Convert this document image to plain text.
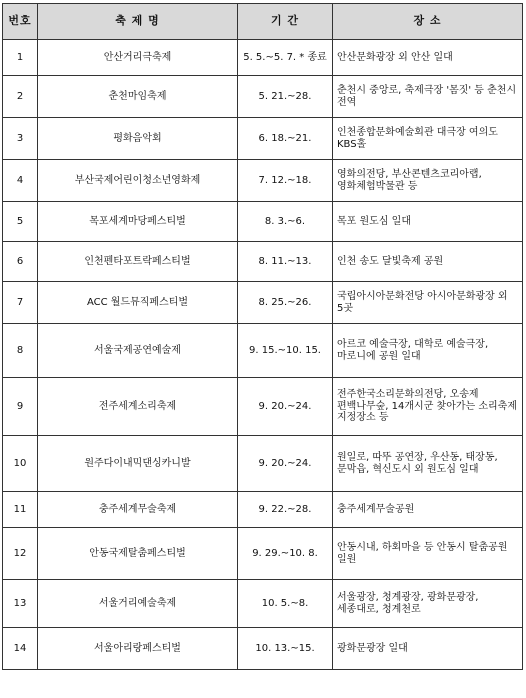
번호	축 제 명	기 간	장 소
1	안산거리극축제	5. 5.~5. 7. * 종료	안산문화광장 외 안산 일대
2	춘천마임축제	5. 21.~28.	춘천시 중앙로, 축제극장 '몸짓' 등 춘천시 전역
3	평화음악회	6. 18.~21.	인천종합문화예술회관 대극장 여의도 KBS홀
4	부산국제어린이청소년영화제	7. 12.~18.	영화의전당, 부산콘텐츠코리아랩, 영화체험박물관 등
5	목포세계마당페스티벌	8. 3.~6.	목포 원도심 일대
6	인천펜타포트락페스티벌	8. 11.~13.	인천 송도 달빛축제 공원
7	ACC 월드뮤직페스티벌	8. 25.~26.	국립아시아문화전당 아시아문화광장 외 5곳
8	서울국제공연예술제	9. 15.~10. 15.	아르코 예술극장, 대학로 예술극장, 마로니에 공원 일대
9	전주세계소리축제	9. 20.~24.	전주한국소리문화의전당, 오송제 편백나무숲, 14개시군 찾아가는 소리축제 지정장소 등
10	원주다이내믹댄싱카니발	9. 20.~24.	원일로, 따뚜 공연장, 우산동, 태장동, 문막읍, 혁신도시 외 원도심 일대
11	충주세계무술축제	9. 22.~28.	충주세계무술공원
12	안동국제탈춤페스티벌	9. 29.~10. 8.	안동시내, 하회마을 등 안동시 탈춤공원 일원
13	서울거리예술축제	10. 5.~8.	서울광장, 청계광장, 광화문광장, 세종대로, 청계천로
14	서울아리랑페스티벌	10. 13.~15.	광화문광장 일대
